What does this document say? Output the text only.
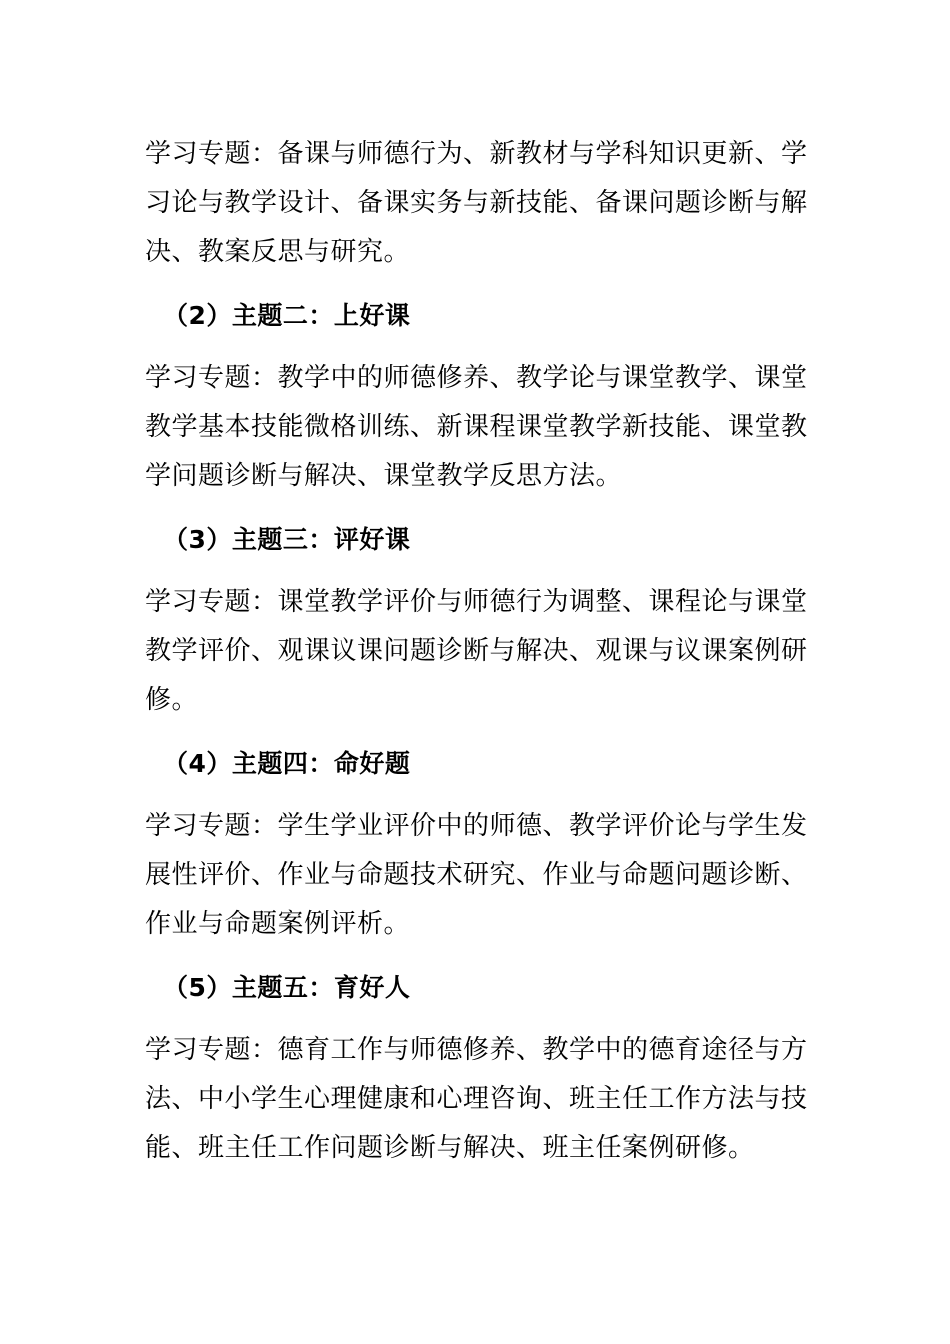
学习专题：备课与师德行为、新教材与学科知识更新、学习论与教学设计、备课实务与新技能、备课问题诊断与解决、教案反思与研究。

（2）主题二：上好课

学习专题：教学中的师德修养、教学论与课堂教学、课堂教学基本技能微格训练、新课程课堂教学新技能、课堂教学问题诊断与解决、课堂教学反思方法。

（3）主题三：评好课

学习专题：课堂教学评价与师德行为调整、课程论与课堂教学评价、观课议课问题诊断与解决、观课与议课案例研修。

（4）主题四：命好题

学习专题：学生学业评价中的师德、教学评价论与学生发展性评价、作业与命题技术研究、作业与命题问题诊断、作业与命题案例评析。

（5）主题五：育好人

学习专题：德育工作与师德修养、教学中的德育途径与方法、中小学生心理健康和心理咨询、班主任工作方法与技能、班主任工作问题诊断与解决、班主任案例研修。
